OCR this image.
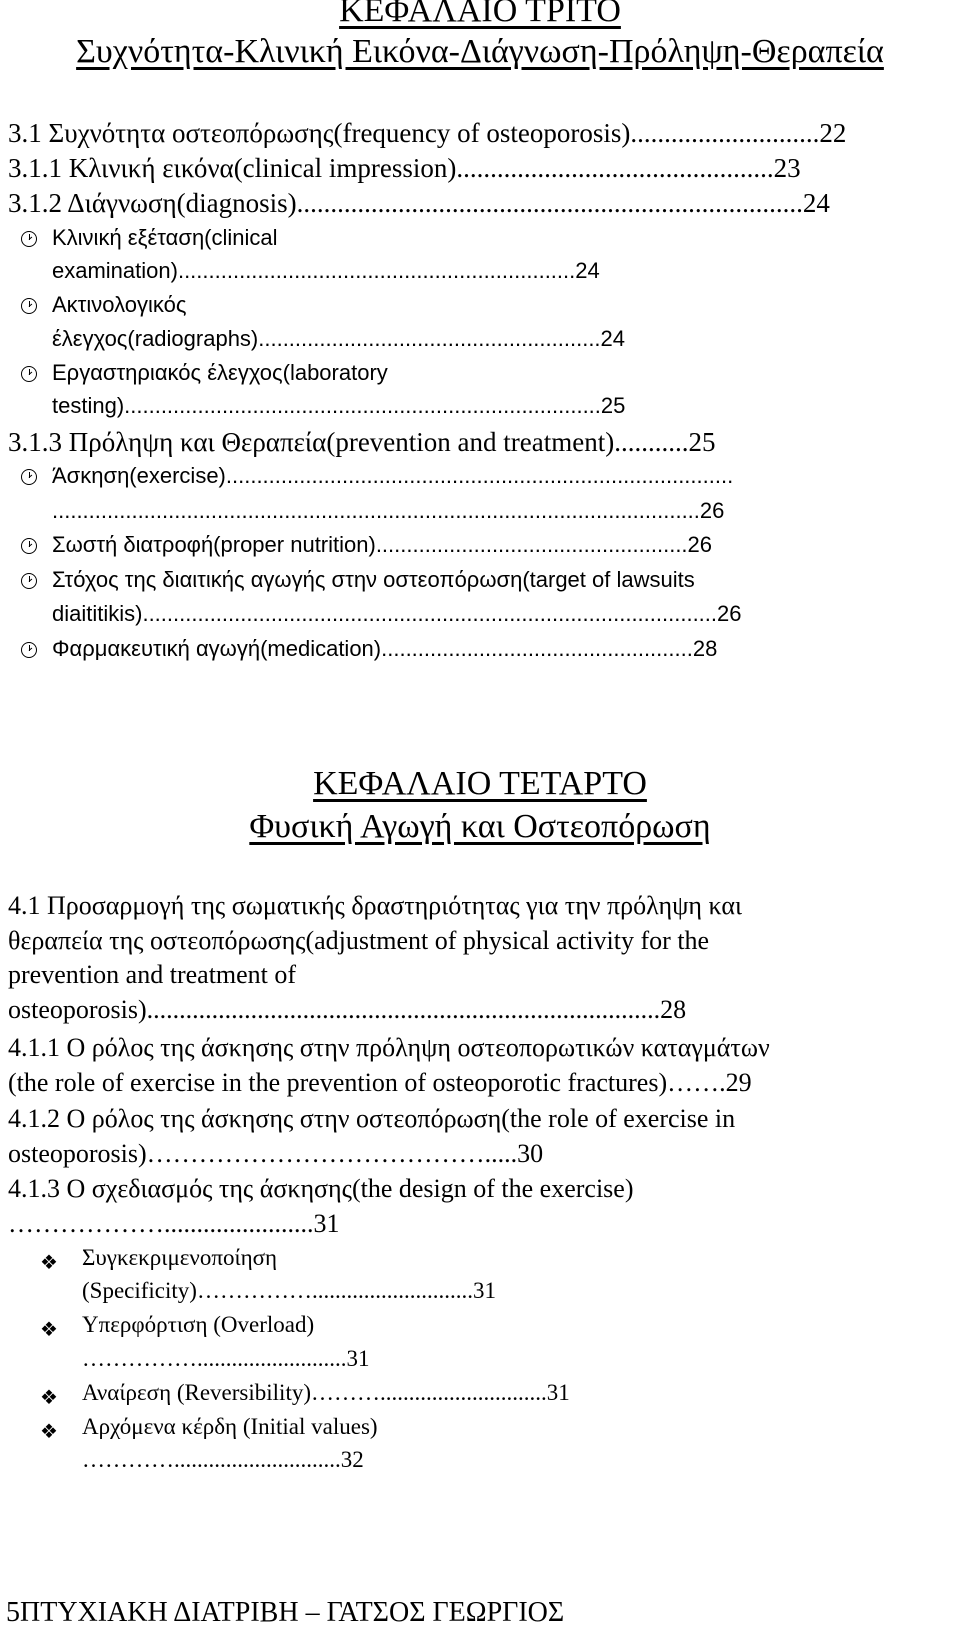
ΚΕΦΑΛΑΙΟ ΤΡΙΤΟ
Συχνότητα-Κλινική Εικόνα-Διάγνωση-Πρόληψη-Θεραπεία
3.1 Συχνότητα οστεοπόρωσης(frequency of osteoporosis)............................22
3.1.1 Κλινική εικόνα(clinical impression)...............................................23
3.1.2 Διάγνωση(diagnosis)...........................................................................24
Κλινική εξέταση(clinical
examination).................................................................24
Ακτινολογικός
έλεγχος(radiographs)........................................................24
Εργαστηριακός έλεγχος(laboratory
testing)..............................................................................25
3.1.3 Πρόληψη και Θεραπεία(prevention and treatment)...........25
Άσκηση(exercise)...................................................................................
..........................................................................................................26
Σωστή διατροφή(proper nutrition)...................................................26
Στόχος της διαιτικής αγωγής στην οστεοπόρωση(target of lawsuits
diaititikis)..............................................................................................26
Φαρμακευτική αγωγή(medication)...................................................28
ΚΕΦΑΛΑΙΟ ΤΕΤΑΡΤΟ
Φυσική Αγωγή και Οστεοπόρωση
4.1 Προσαρμογή της σωματικής δραστηριότητας για την πρόληψη και
θεραπεία της οστεοπόρωσης(adjustment of physical activity for the
prevention and treatment of
osteoporosis)...............................................................................28
4.1.1 Ο ρόλος της άσκησης στην πρόληψη οστεοπορωτικών καταγμάτων
(the role of exercise in the prevention of osteoporotic fractures)…….29
4.1.2 Ο ρόλος της άσκησης στην οστεοπόρωση(the role of exercise in
osteoporosis)………………………………….....30
4.1.3 Ο σχεδιασμός της άσκησης(the design of the exercise)
……………….......................31
❖ Συγκεκριμενοποίηση
(Specificity)……………............................31
❖ Υπερφόρτιση (Overload)
……………..........................31
❖ Αναίρεση (Reversibility)……….............................31
❖ Αρχόμενα κέρδη (Initial values)
………….............................32
5ΠΤΥΧΙΑΚΗ ΔΙΑΤΡΙΒΗ – ΓΑΤΣΟΣ ΓΕΩΡΓΙΟΣ
